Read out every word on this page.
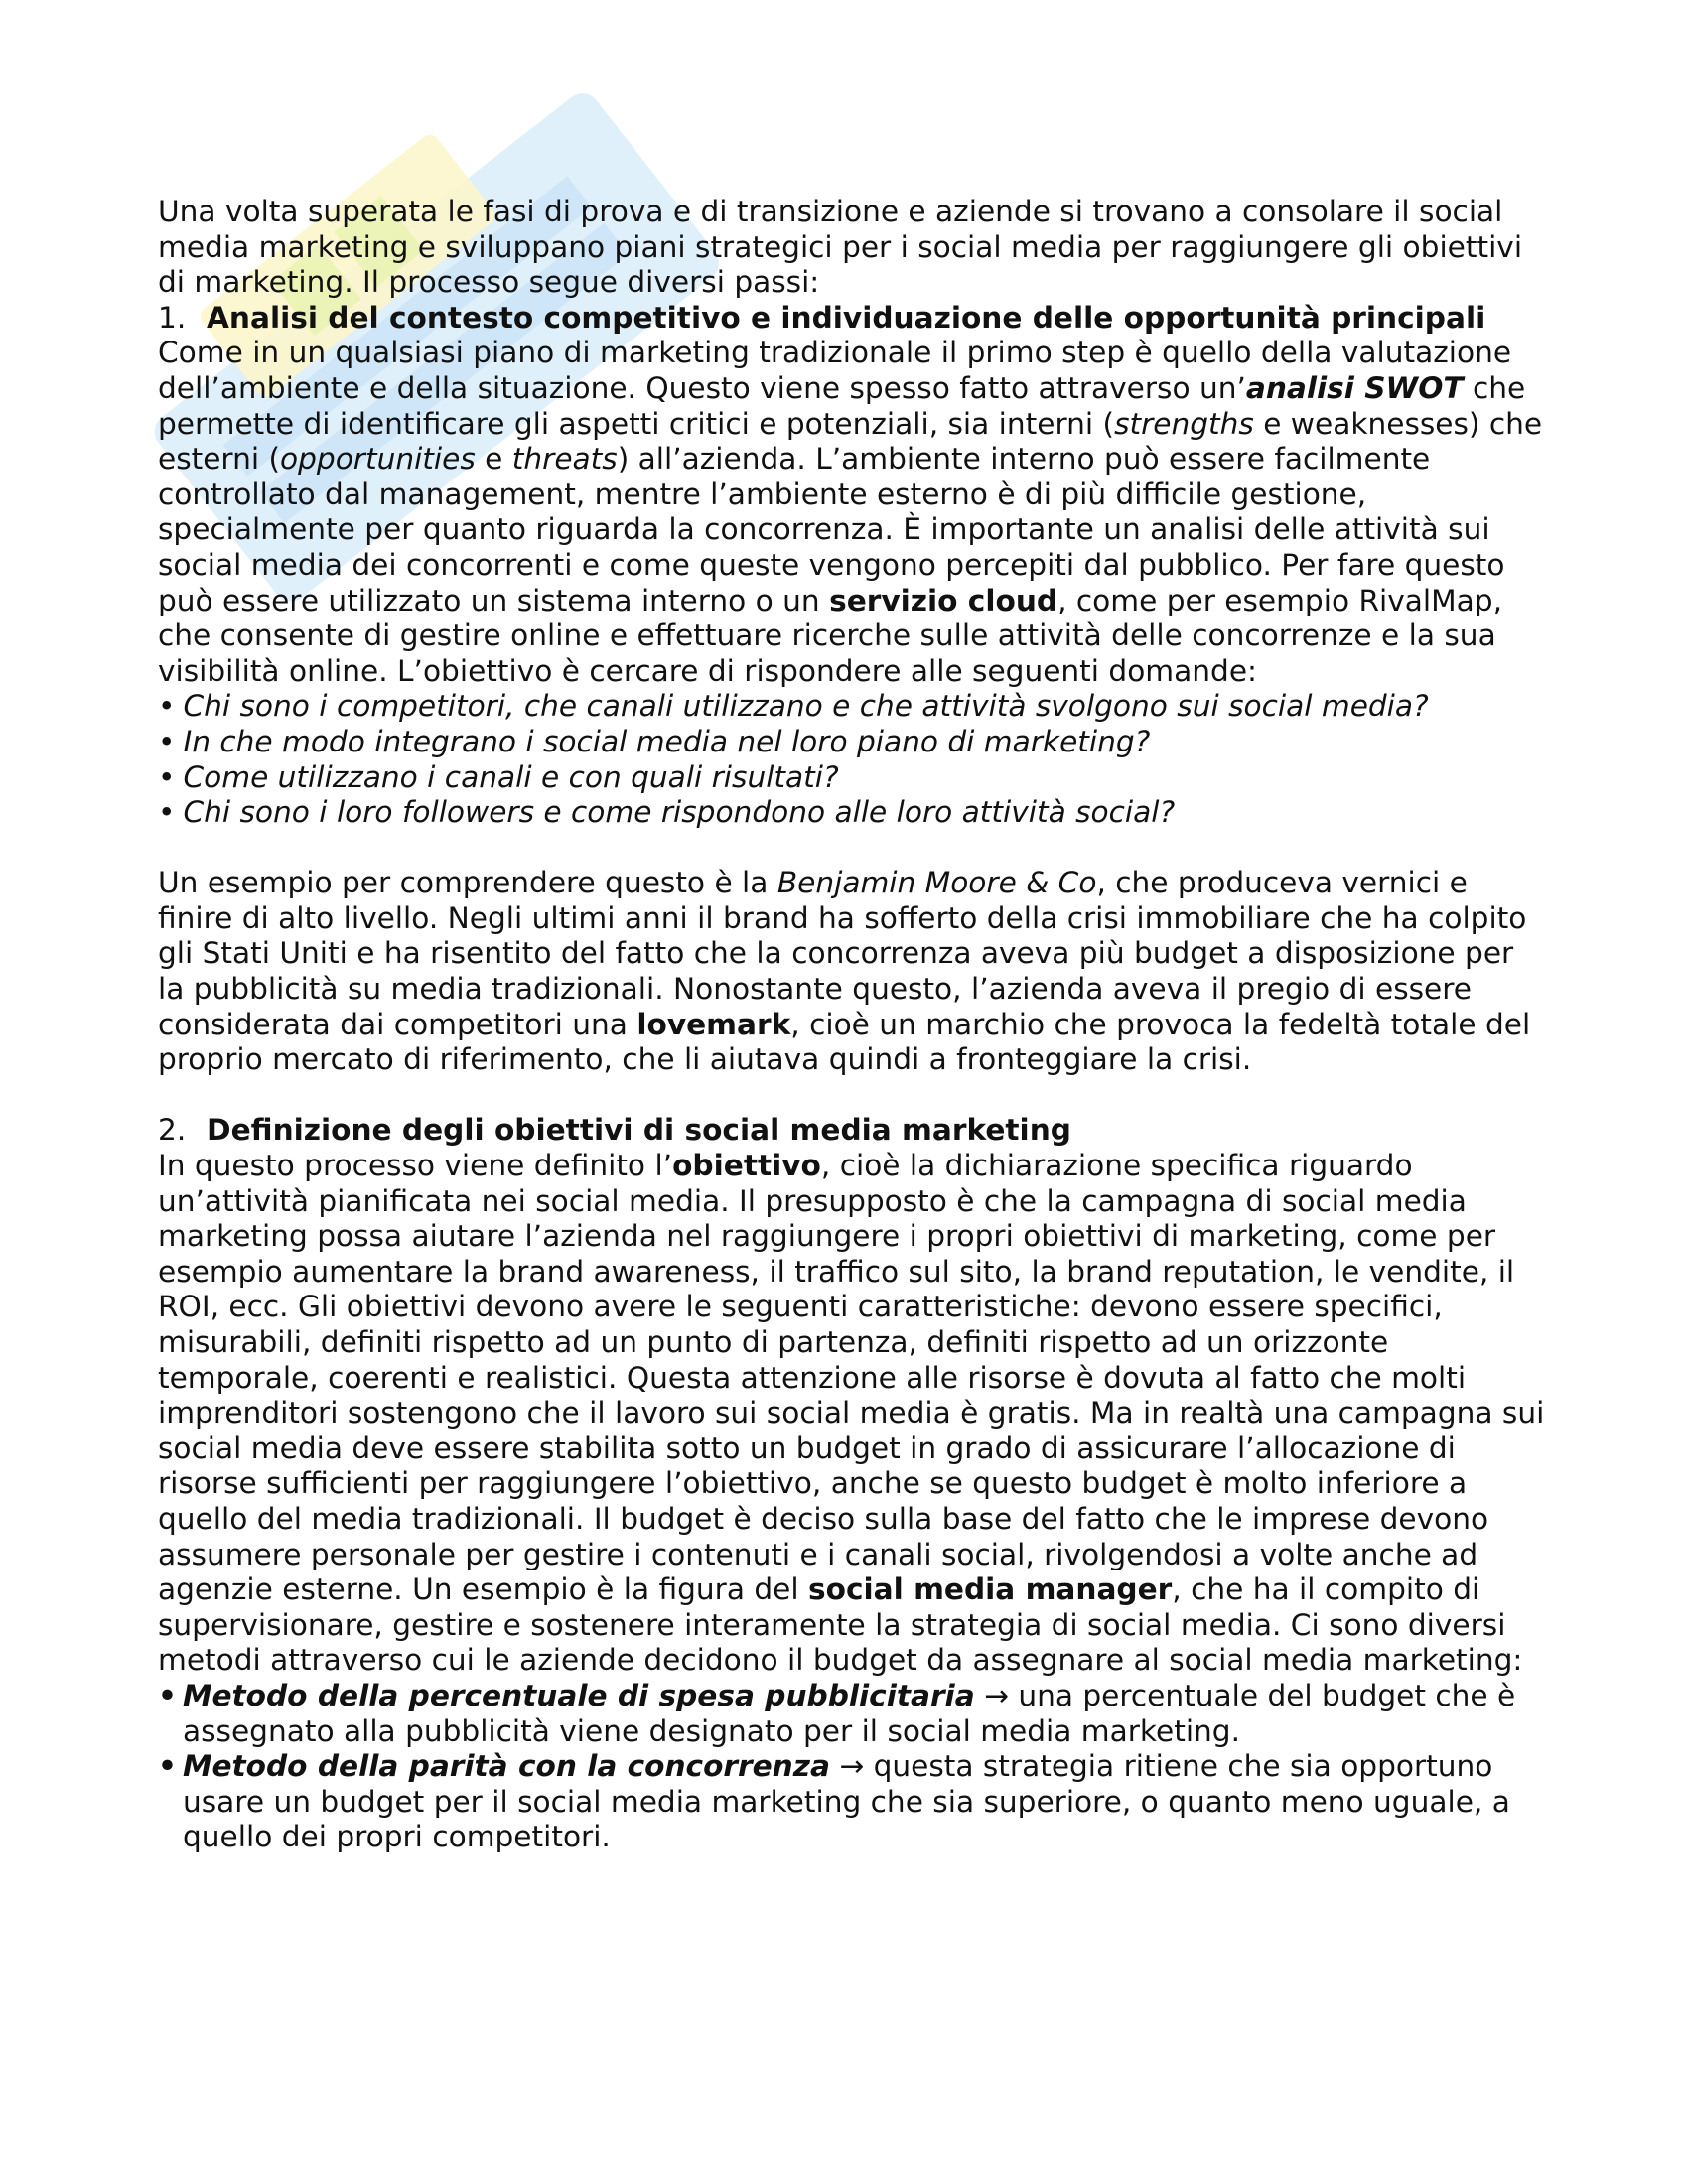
Una volta superata le fasi di prova e di transizione e aziende si trovano a consolare il social media marketing e sviluppano piani strategici per i social media per raggiungere gli obiettivi di marketing. Il processo segue diversi passi:

1. Analisi del contesto competitivo e individuazione delle opportunità principali

Come in un qualsiasi piano di marketing tradizionale il primo step è quello della valutazione dell’ambiente e della situazione. Questo viene spesso fatto attraverso un’analisi SWOT che permette di identificare gli aspetti critici e potenziali, sia interni (strengths e weaknesses) che esterni (opportunities e threats) all’azienda. L’ambiente interno può essere facilmente controllato dal management, mentre l’ambiente esterno è di più difficile gestione, specialmente per quanto riguarda la concorrenza. È importante un analisi delle attività sui social media dei concorrenti e come queste vengono percepiti dal pubblico. Per fare questo può essere utilizzato un sistema interno o un servizio cloud, come per esempio RivalMap, che consente di gestire online e effettuare ricerche sulle attività delle concorrenze e la sua visibilità online. L’obiettivo è cercare di rispondere alle seguenti domande:

• Chi sono i competitori, che canali utilizzano e che attività svolgono sui social media?
• In che modo integrano i social media nel loro piano di marketing?
• Come utilizzano i canali e con quali risultati?
• Chi sono i loro followers e come rispondono alle loro attività social?

Un esempio per comprendere questo è la Benjamin Moore & Co, che produceva vernici e finire di alto livello. Negli ultimi anni il brand ha sofferto della crisi immobiliare che ha colpito gli Stati Uniti e ha risentito del fatto che la concorrenza aveva più budget a disposizione per la pubblicità su media tradizionali. Nonostante questo, l’azienda aveva il pregio di essere considerata dai competitori una lovemark, cioè un marchio che provoca la fedeltà totale del proprio mercato di riferimento, che li aiutava quindi a fronteggiare la crisi.

2. Definizione degli obiettivi di social media marketing

In questo processo viene definito l’obiettivo, cioè la dichiarazione specifica riguardo un’attività pianificata nei social media. Il presupposto è che la campagna di social media marketing possa aiutare l’azienda nel raggiungere i propri obiettivi di marketing, come per esempio aumentare la brand awareness, il traffico sul sito, la brand reputation, le vendite, il ROI, ecc. Gli obiettivi devono avere le seguenti caratteristiche: devono essere specifici, misurabili, definiti rispetto ad un punto di partenza, definiti rispetto ad un orizzonte temporale, coerenti e realistici. Questa attenzione alle risorse è dovuta al fatto che molti imprenditori sostengono che il lavoro sui social media è gratis. Ma in realtà una campagna sui social media deve essere stabilita sotto un budget in grado di assicurare l’allocazione di risorse sufficienti per raggiungere l’obiettivo, anche se questo budget è molto inferiore a quello del media tradizionali. Il budget è deciso sulla base del fatto che le imprese devono assumere personale per gestire i contenuti e i canali social, rivolgendosi a volte anche ad agenzie esterne. Un esempio è la figura del social media manager, che ha il compito di supervisionare, gestire e sostenere interamente la strategia di social media. Ci sono diversi metodi attraverso cui le aziende decidono il budget da assegnare al social media marketing:

• Metodo della percentuale di spesa pubblicitaria → una percentuale del budget che è assegnato alla pubblicità viene designato per il social media marketing.
• Metodo della parità con la concorrenza → questa strategia ritiene che sia opportuno usare un budget per il social media marketing che sia superiore, o quanto meno uguale, a quello dei propri competitori.
